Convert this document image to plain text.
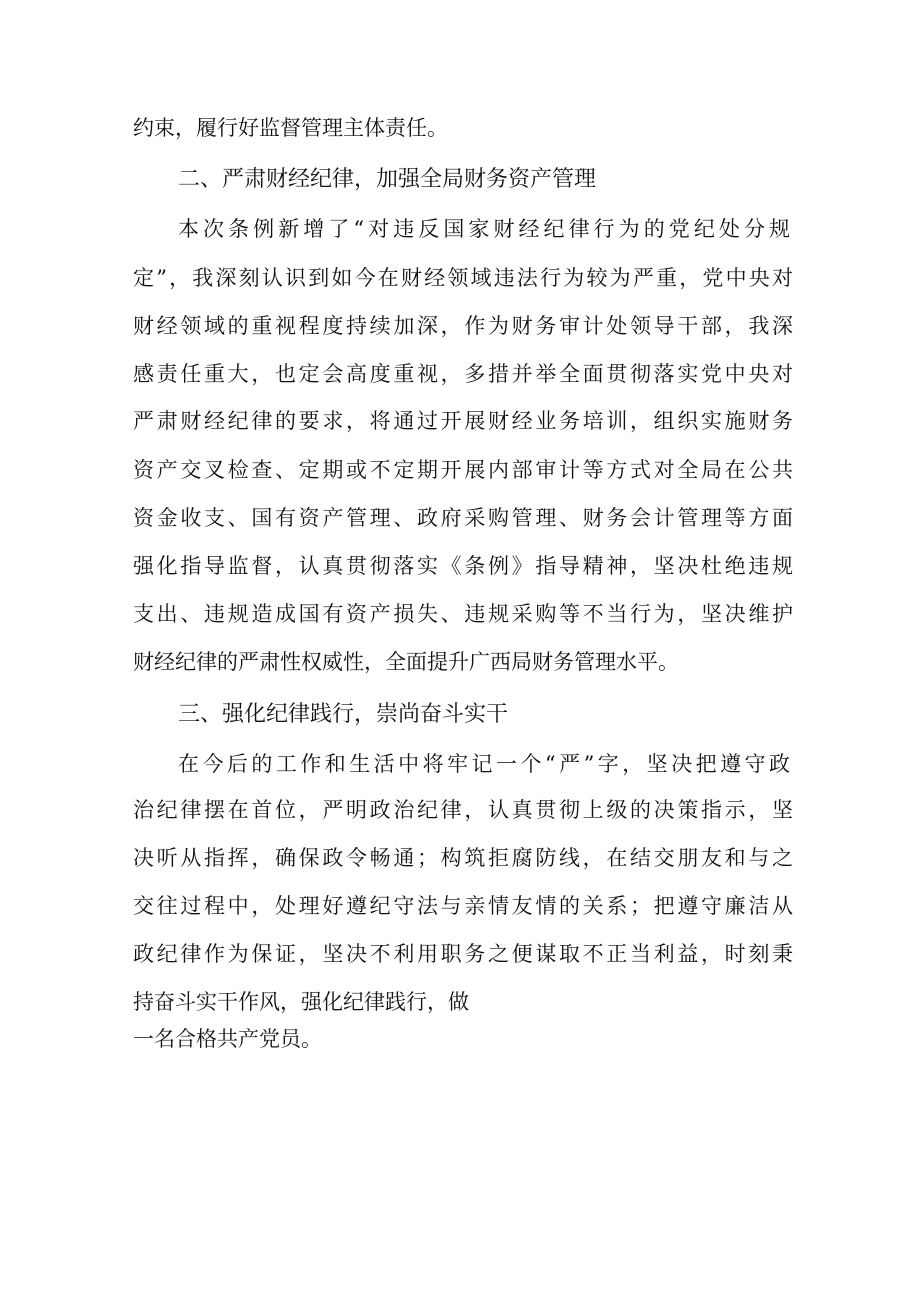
约束，履行好监督管理主体责任。
二、严肃财经纪律，加强全局财务资产管理
本次条例新增了“对违反国家财经纪律行为的党纪处分规
定”，我深刻认识到如今在财经领域违法行为较为严重，党中央对
财经领域的重视程度持续加深，作为财务审计处领导干部，我深
感责任重大，也定会高度重视，多措并举全面贯彻落实党中央对
严肃财经纪律的要求，将通过开展财经业务培训，组织实施财务
资产交叉检查、定期或不定期开展内部审计等方式对全局在公共
资金收支、国有资产管理、政府采购管理、财务会计管理等方面
强化指导监督，认真贯彻落实《条例》指导精神，坚决杜绝违规
支出、违规造成国有资产损失、违规采购等不当行为，坚决维护
财经纪律的严肃性权威性，全面提升广西局财务管理水平。
三、强化纪律践行，崇尚奋斗实干
在今后的工作和生活中将牢记一个“严”字，坚决把遵守政
治纪律摆在首位，严明政治纪律，认真贯彻上级的决策指示，坚
决听从指挥，确保政令畅通；构筑拒腐防线，在结交朋友和与之
交往过程中，处理好遵纪守法与亲情友情的关系；把遵守廉洁从
政纪律作为保证，坚决不利用职务之便谋取不正当利益，时刻秉
持奋斗实干作风，强化纪律践行，做
一名合格共产党员。
